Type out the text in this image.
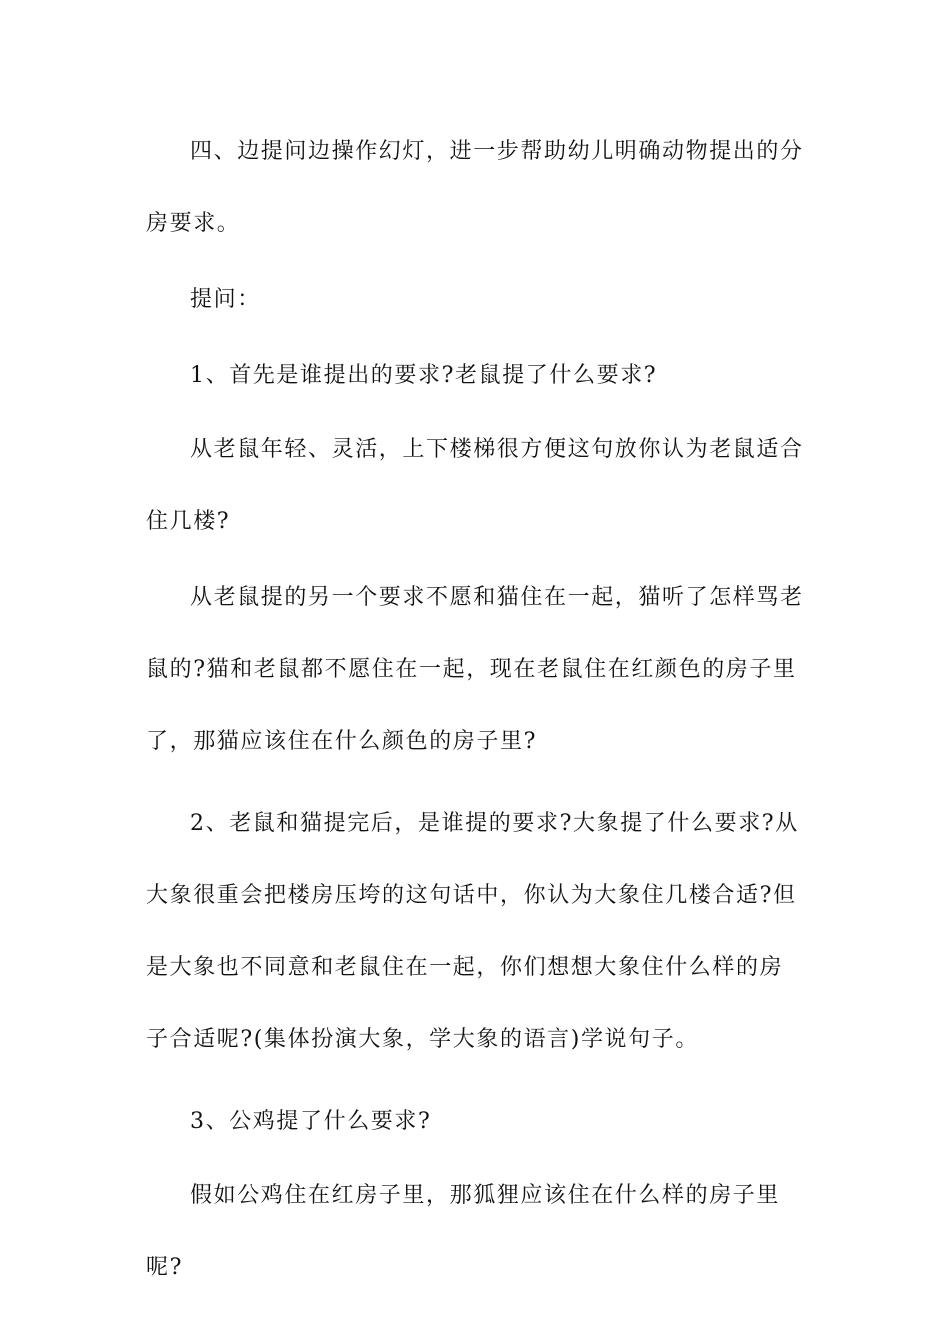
四、边提问边操作幻灯，进一步帮助幼儿明确动物提出的分房要求。

提问：

1、首先是谁提出的要求?老鼠提了什么要求?

从老鼠年轻、灵活，上下楼梯很方便这句放你认为老鼠适合住几楼?

从老鼠提的另一个要求不愿和猫住在一起，猫听了怎样骂老鼠的?猫和老鼠都不愿住在一起，现在老鼠住在红颜色的房子里了，那猫应该住在什么颜色的房子里?

2、老鼠和猫提完后，是谁提的要求?大象提了什么要求?从大象很重会把楼房压垮的这句话中，你认为大象住几楼合适?但是大象也不同意和老鼠住在一起，你们想想大象住什么样的房子合适呢?(集体扮演大象，学大象的语言)学说句子。

3、公鸡提了什么要求?

假如公鸡住在红房子里，那狐狸应该住在什么样的房子里呢?
